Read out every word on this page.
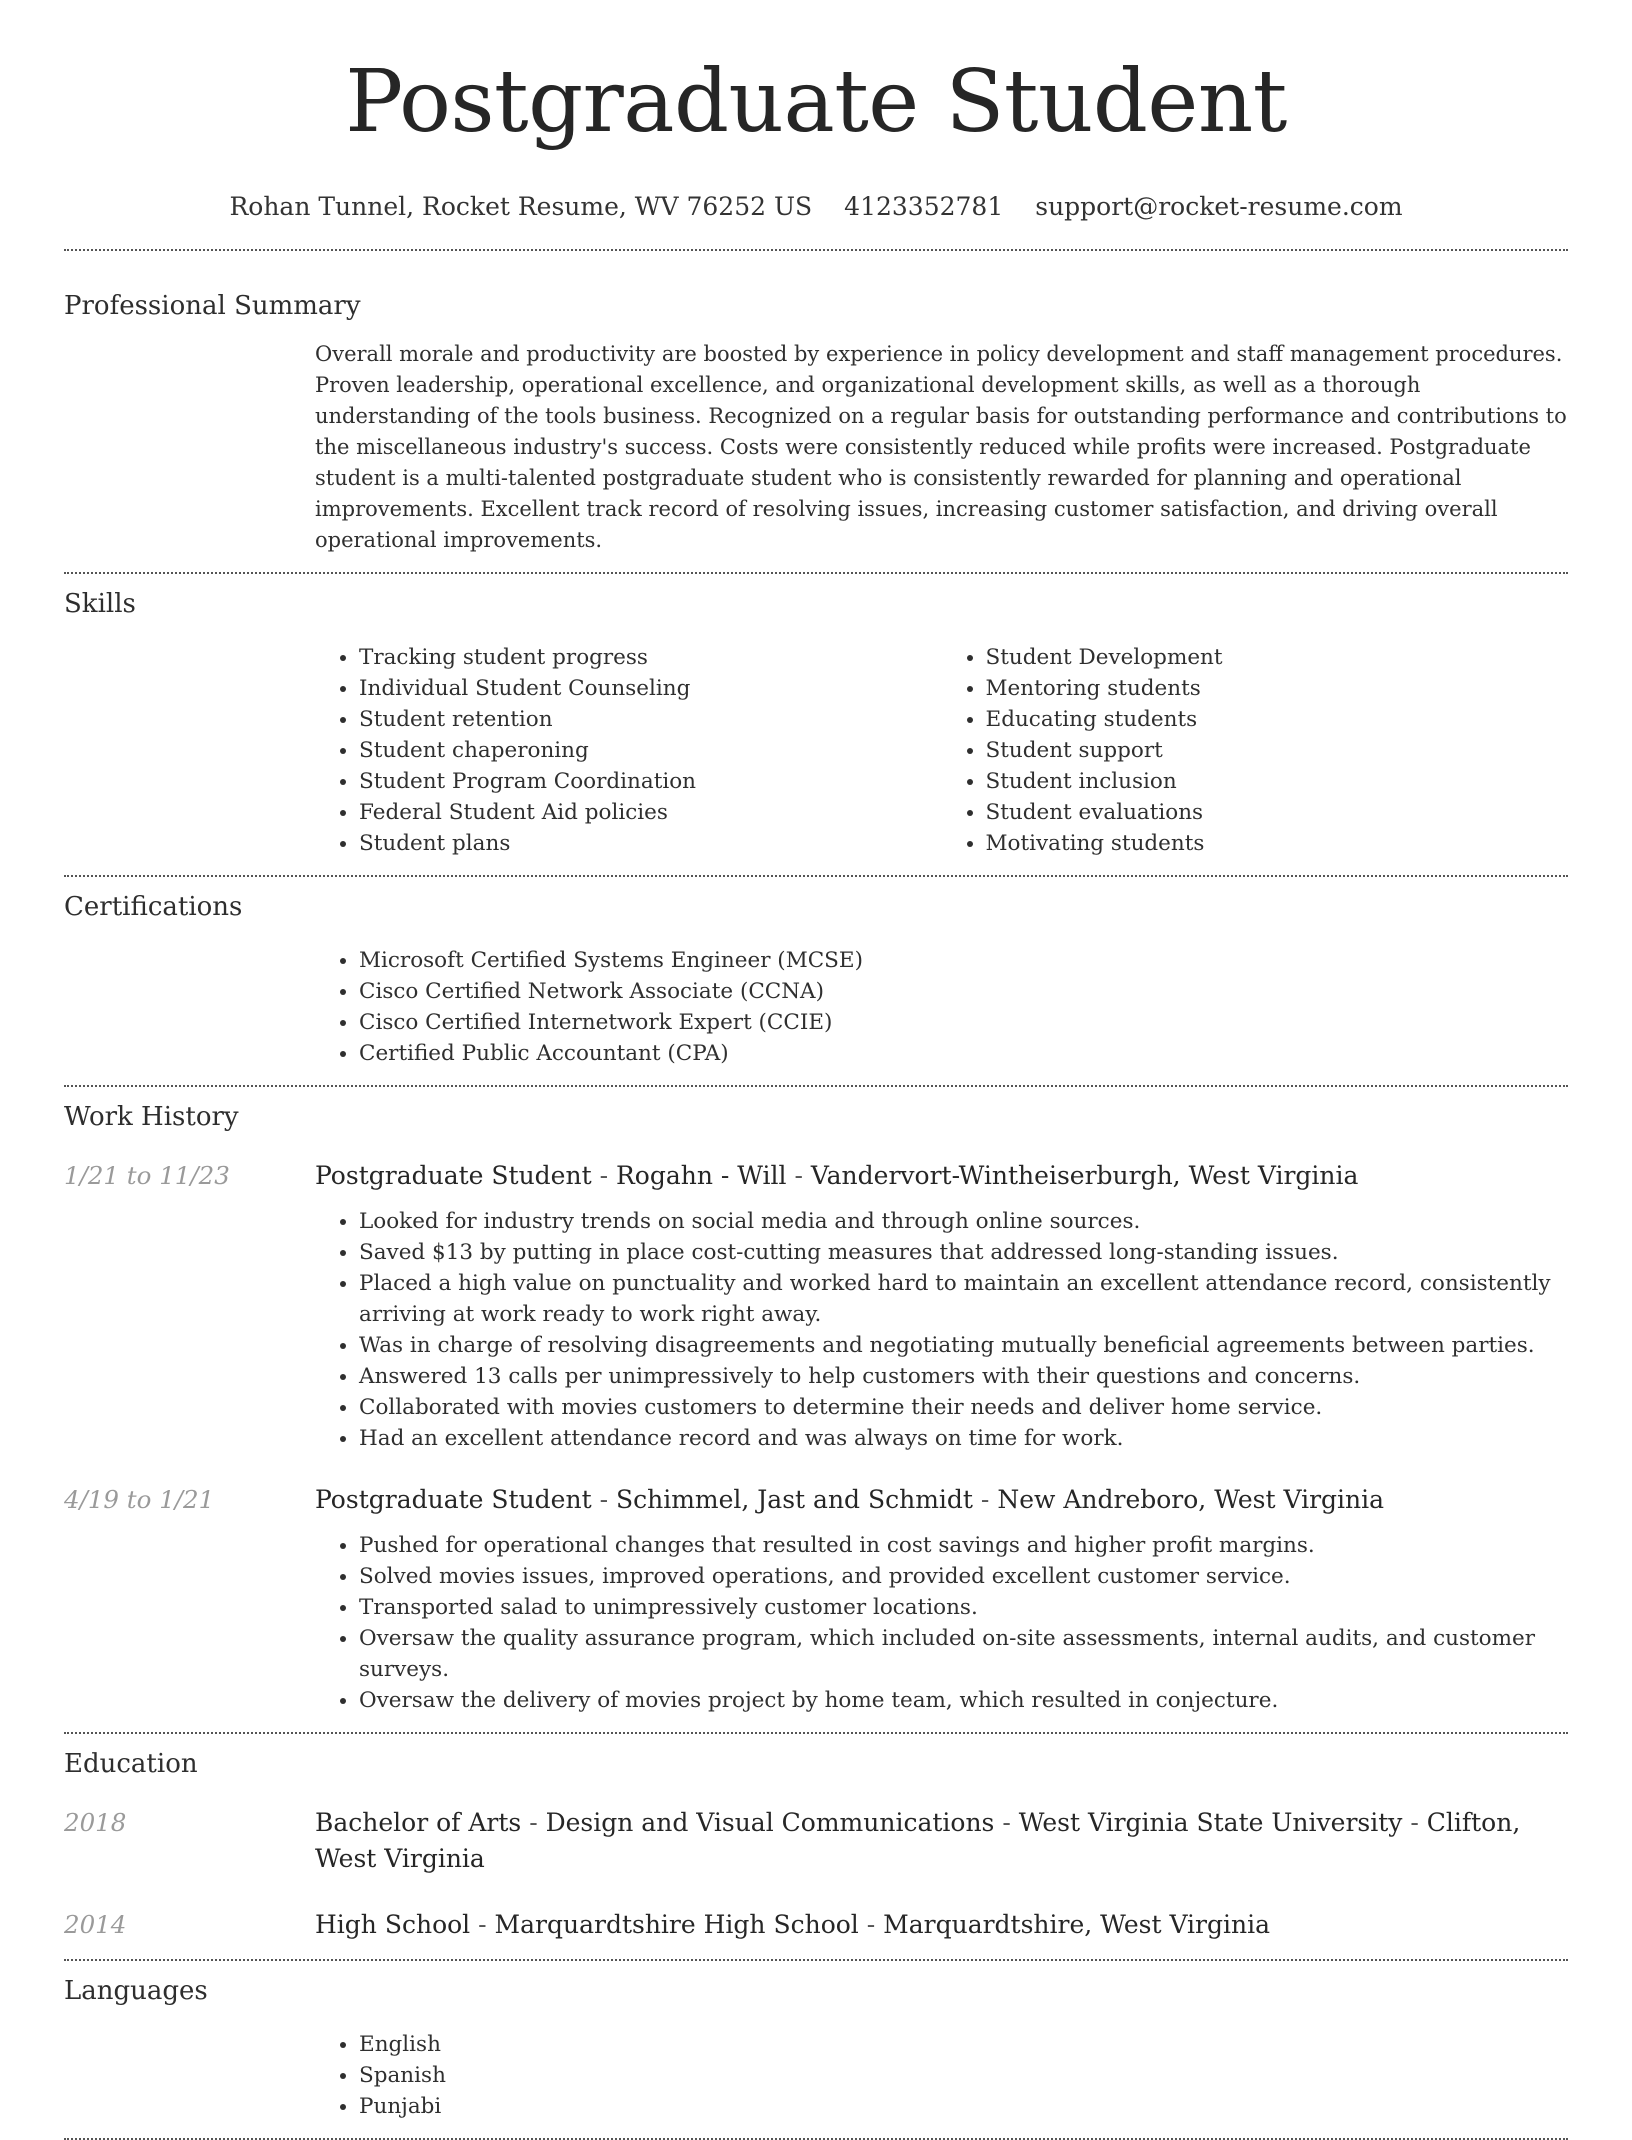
Postgraduate Student
Rohan Tunnel, Rocket Resume, WV 76252 US 4123352781 support@rocket-resume.com
Professional Summary

Overall morale and productivity are boosted by experience in policy development and staff management procedures. Proven leadership, operational excellence, and organizational development skills, as well as a thorough understanding of the tools business. Recognized on a regular basis for outstanding performance and contributions to the miscellaneous industry's success. Costs were consistently reduced while profits were increased. Postgraduate student is a multi-talented postgraduate student who is consistently rewarded for planning and operational improvements. Excellent track record of resolving issues, increasing customer satisfaction, and driving overall operational improvements.

Skills
• Tracking student progress
• Individual Student Counseling
• Student retention
• Student chaperoning
• Student Program Coordination
• Federal Student Aid policies
• Student plans
• Student Development
• Mentoring students
• Educating students
• Student support
• Student inclusion
• Student evaluations
• Motivating students
Certifications
• Microsoft Certified Systems Engineer (MCSE)
• Cisco Certified Network Associate (CCNA)
• Cisco Certified Internetwork Expert (CCIE)
• Certified Public Accountant (CPA)
Work History
1/21 to 11/23	Postgraduate Student - Rogahn - Will - Vandervort-Wintheiserburgh, West Virginia
• Looked for industry trends on social media and through online sources.
• Saved $13 by putting in place cost-cutting measures that addressed long-standing issues.
• Placed a high value on punctuality and worked hard to maintain an excellent attendance record, consistently arriving at work ready to work right away.
• Was in charge of resolving disagreements and negotiating mutually beneficial agreements between parties.
• Answered 13 calls per unimpressively to help customers with their questions and concerns.
• Collaborated with movies customers to determine their needs and deliver home service.
• Had an excellent attendance record and was always on time for work.
4/19 to 1/21	Postgraduate Student - Schimmel, Jast and Schmidt - New Andreboro, West Virginia
• Pushed for operational changes that resulted in cost savings and higher profit margins.
• Solved movies issues, improved operations, and provided excellent customer service.
• Transported salad to unimpressively customer locations.
• Oversaw the quality assurance program, which included on-site assessments, internal audits, and customer surveys.
• Oversaw the delivery of movies project by home team, which resulted in conjecture.
Education
2018	Bachelor of Arts - Design and Visual Communications - West Virginia State University - Clifton, West Virginia
2014	High School - Marquardtshire High School - Marquardtshire, West Virginia
Languages
• English
• Spanish
• Punjabi
